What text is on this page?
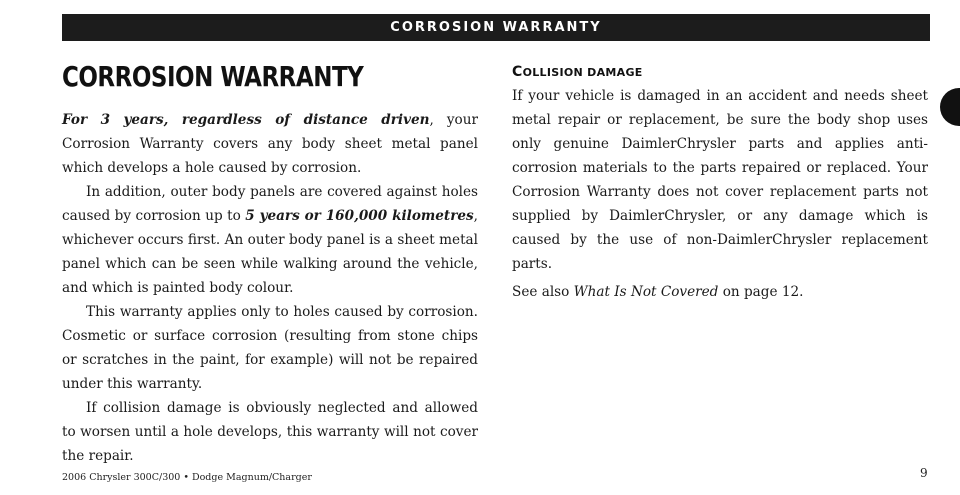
CORROSION WARRANTY
CORROSION WARRANTY

For 3 years, regardless of distance driven, your Corrosion Warranty covers any body sheet metal panel which develops a hole caused by corrosion.

In addition, outer body panels are covered against holes caused by corrosion up to 5 years or 160,000 kilometres, whichever occurs first. An outer body panel is a sheet metal panel which can be seen while walking around the vehicle, and which is painted body colour.

This warranty applies only to holes caused by corrosion. Cosmetic or surface corrosion (resulting from stone chips or scratches in the paint, for example) will not be repaired under this warranty.

If collision damage is obviously neglected and allowed to worsen until a hole develops, this warranty will not cover the repair.

COLLISION DAMAGE

If your vehicle is damaged in an accident and needs sheet metal repair or replacement, be sure the body shop uses only genuine DaimlerChrysler parts and applies anti-corrosion materials to the parts repaired or replaced. Your Corrosion Warranty does not cover replacement parts not supplied by DaimlerChrysler, or any damage which is caused by the use of non-DaimlerChrysler replacement parts.

See also What Is Not Covered on page 12.

2006 Chrysler 300C/300 • Dodge Magnum/Charger	9
